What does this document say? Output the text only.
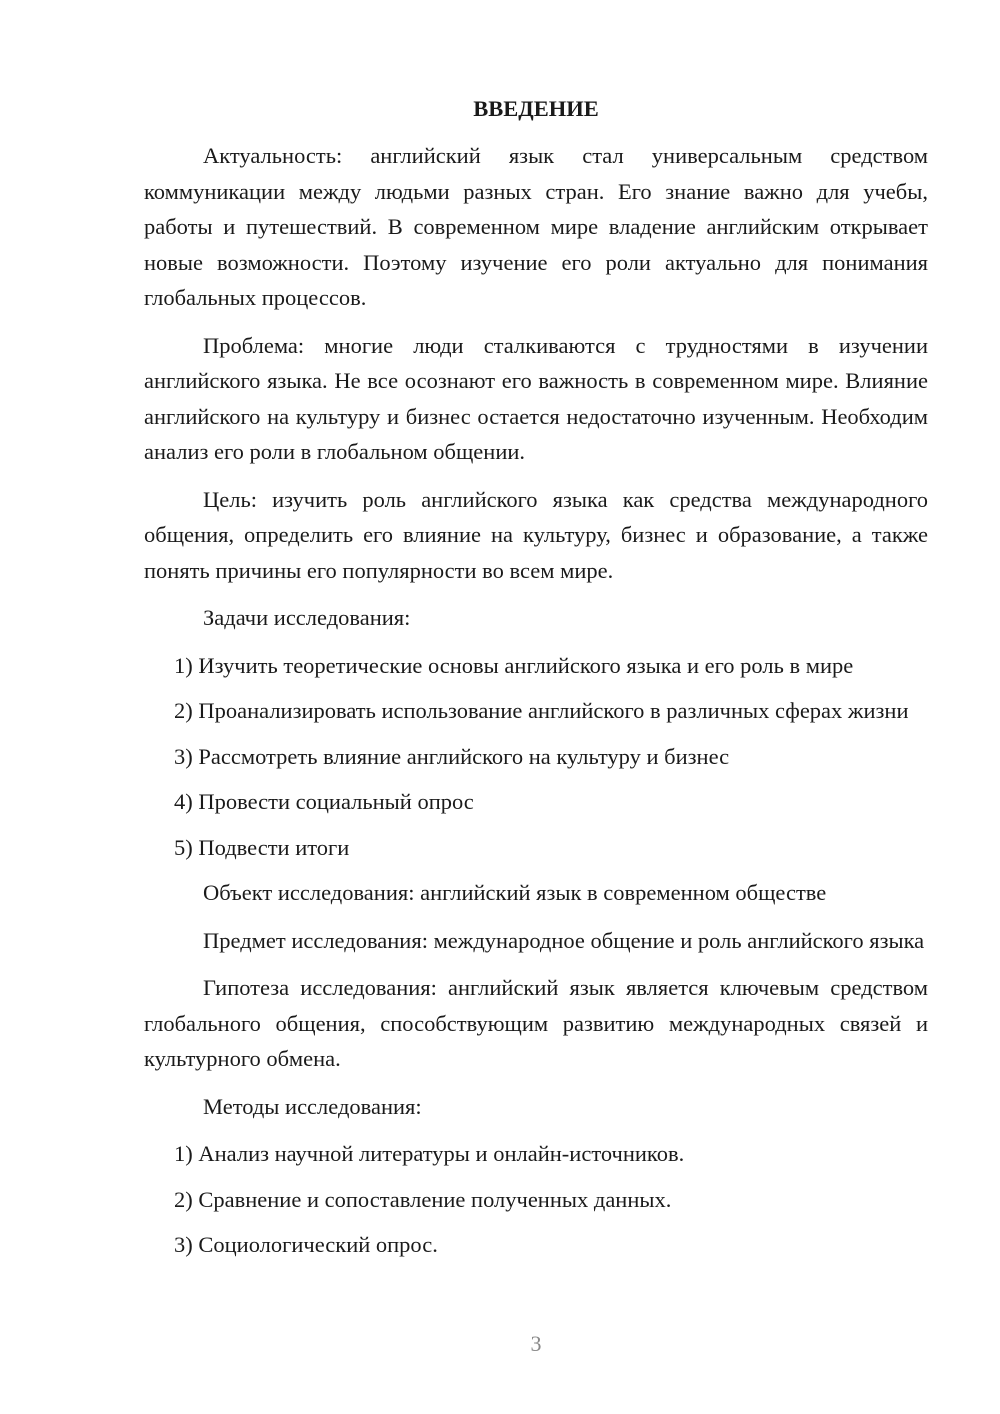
ВВЕДЕНИЕ

Актуальность: английский язык стал универсальным средством коммуникации между людьми разных стран. Его знание важно для учебы, работы и путешествий. В современном мире владение английским открывает новые возможности. Поэтому изучение его роли актуально для понимания глобальных процессов.

Проблема: многие люди сталкиваются с трудностями в изучении английского языка. Не все осознают его важность в современном мире. Влияние английского на культуру и бизнес остается недостаточно изученным. Необходим анализ его роли в глобальном общении.

Цель: изучить роль английского языка как средства международного общения, определить его влияние на культуру, бизнес и образование, а также понять причины его популярности во всем мире.

Задачи исследования:

1) Изучить теоретические основы английского языка и его роль в мире

2) Проанализировать использование английского в различных сферах жизни

3) Рассмотреть влияние английского на культуру и бизнес

4) Провести социальный опрос

5) Подвести итоги

Объект исследования: английский язык в современном обществе

Предмет исследования: международное общение и роль английского языка

Гипотеза исследования: английский язык является ключевым средством глобального общения, способствующим развитию международных связей и культурного обмена.

Методы исследования:

1) Анализ научной литературы и онлайн-источников.

2) Сравнение и сопоставление полученных данных.

3) Социологический опрос.

3
